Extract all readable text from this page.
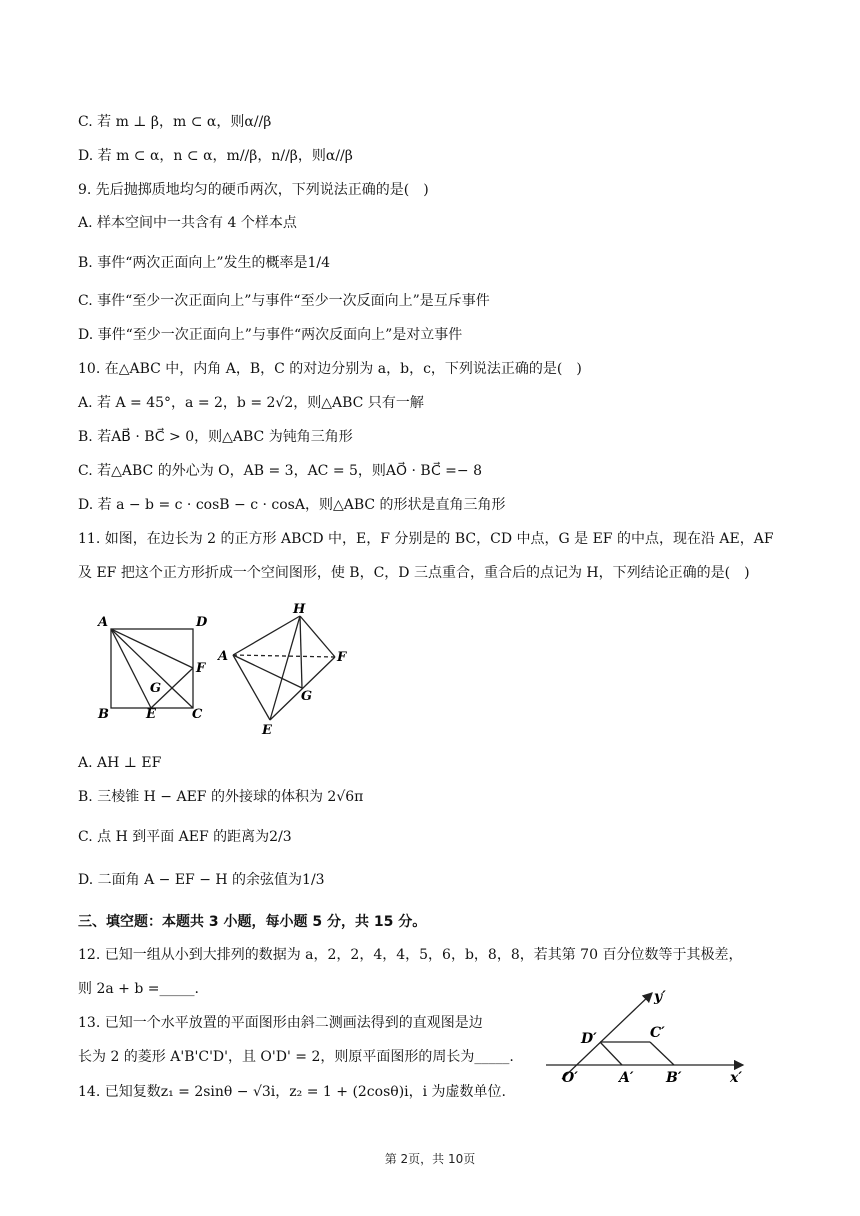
C. 若 m ⊥ β，m ⊂ α，则α//β
D. 若 m ⊂ α，n ⊂ α，m//β，n//β，则α//β
9. 先后抛掷质地均匀的硬币两次，下列说法正确的是(　)
A. 样本空间中一共含有 4 个样本点
B. 事件“两次正面向上”发生的概率是1/4
C. 事件“至少一次正面向上”与事件“至少一次反面向上”是互斥事件
D. 事件“至少一次正面向上”与事件“两次反面向上”是对立事件
10. 在△ABC 中，内角 A，B，C 的对边分别为 a，b，c，下列说法正确的是(　)
A. 若 A = 45°，a = 2，b = 2√2，则△ABC 只有一解
B. 若AB⃗ · BC⃗ > 0，则△ABC 为钝角三角形
C. 若△ABC 的外心为 O，AB = 3，AC = 5，则AO⃗ · BC⃗ =− 8
D. 若 a − b = c · cosB − c · cosA，则△ABC 的形状是直角三角形
11. 如图，在边长为 2 的正方形 ABCD 中，E，F 分别是的 BC，CD 中点，G 是 EF 的中点，现在沿 AE，AF
及 EF 把这个正方形折成一个空间图形，使 B，C，D 三点重合，重合后的点记为 H，下列结论正确的是(　)
A	D
F
G
B	E	C
H
A	F
G
E
A. AH ⊥ EF
B. 三棱锥 H − AEF 的外接球的体积为 2√6π
C. 点 H 到平面 AEF 的距离为2/3
D. 二面角 A − EF − H 的余弦值为1/3
三、填空题：本题共 3 小题，每小题 5 分，共 15 分。
12. 已知一组从小到大排列的数据为 a，2，2，4，4，5，6，b，8，8，若其第 70 百分位数等于其极差，
则 2a + b =_____.
13. 已知一个水平放置的平面图形由斜二测画法得到的直观图是边
长为 2 的菱形 A'B'C'D'，且 O'D' = 2，则原平面图形的周长为_____.
14. 已知复数z₁ = 2sinθ − √3i，z₂ = 1 + (2cosθ)i，i 为虚数单位.
y′
D′	C′
O′	A′ B′	x′
第 2页，共 10页
